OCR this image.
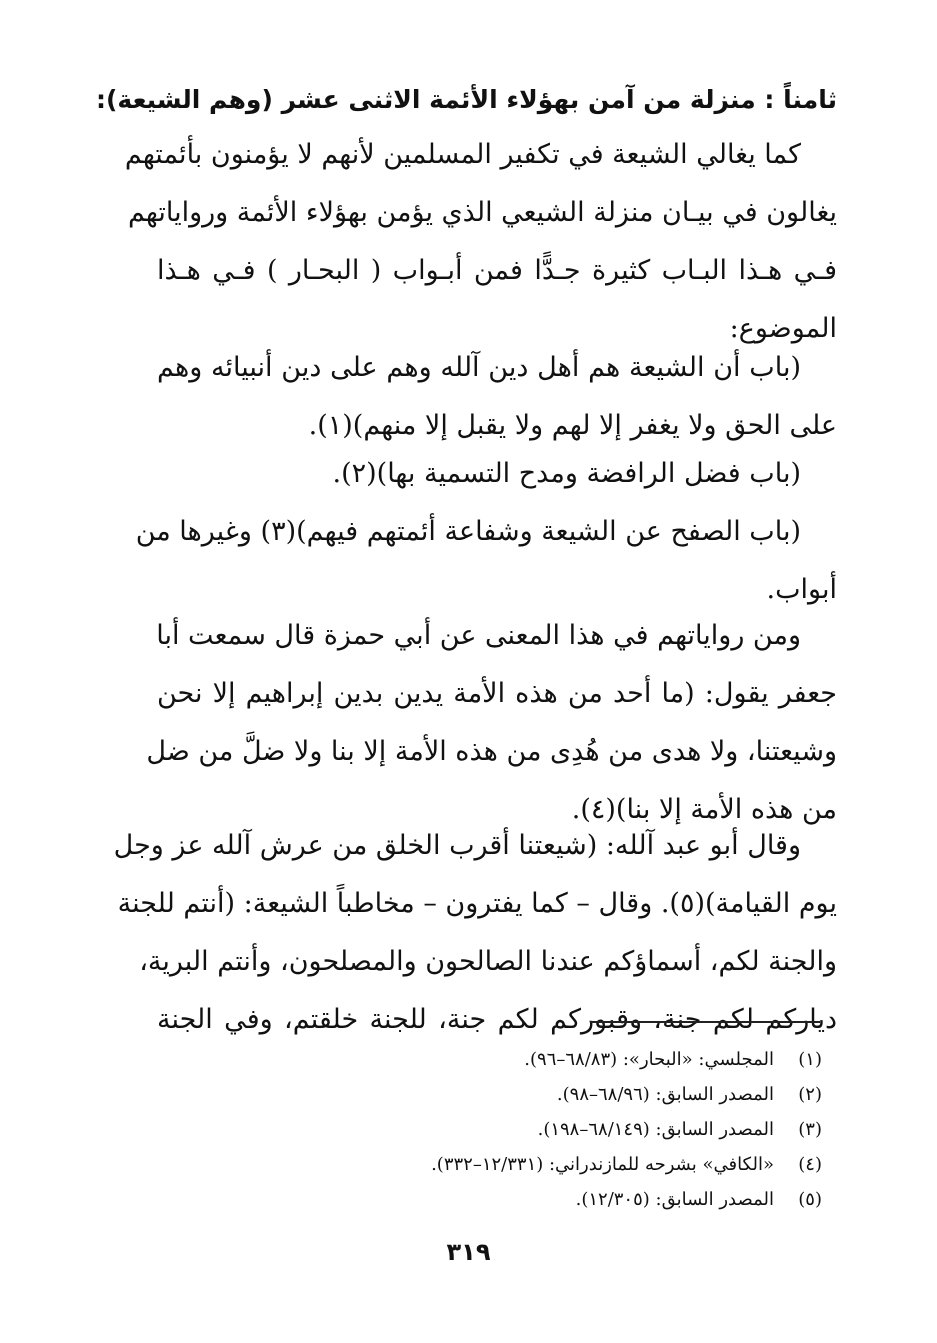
ثامناً : منزلة من آمن بهؤلاء الأئمة الاثنى عشر (وهم الشيعة):
كما يغالي الشيعة في تكفير المسلمين لأنهم لا يؤمنون بأئمتهم
يغالون في بيـان منزلة الشيعي الذي يؤمن بهؤلاء الأئمة ورواياتهم
فـي هـذا البـاب كثيرة جـدًّا فمن أبـواب ( البحـار ) فـي هـذا
الموضوع:
(باب أن الشيعة هم أهل دين آلله وهم على دين أنبيائه وهم
على الحق ولا يغفر إلا لهم ولا يقبل إلا منهم)(١).
(باب فضل الرافضة ومدح التسمية بها)(٢).
(باب الصفح عن الشيعة وشفاعة أئمتهم فيهم)(٣) وغيرها من
أبواب.
ومن رواياتهم في هذا المعنى عن أبي حمزة قال سمعت أبا
جعفر يقول: (ما أحد من هذه الأمة يدين بدين إبراهيم إلا نحن
وشيعتنا، ولا هدى من هُدِى من هذه الأمة إلا بنا ولا ضلَّ من ضل
من هذه الأمة إلا بنا)(٤).
وقال أبو عبد آلله: (شيعتنا أقرب الخلق من عرش آلله عز وجل
يوم القيامة)(٥). وقال – كما يفترون – مخاطباً الشيعة: (أنتم للجنة
والجنة لكم، أسماؤكم عندنا الصالحون والمصلحون، وأنتم البرية،
دياركم لكم جنة، وقبوركم لكم جنة، للجنة خلقتم، وفي الجنة
(١)
المجلسي: «البحار»: (٦٨/٨٣–٩٦).
(٢)
المصدر السابق: (٦٨/٩٦–٩٨).
(٣)
المصدر السابق: (٦٨/١٤٩–١٩٨).
(٤)
«الكافي» بشرحه للمازندراني: (١٢/٣٣١–٣٣٢).
(٥)
المصدر السابق: (١٢/٣٠٥).
٣١٩
